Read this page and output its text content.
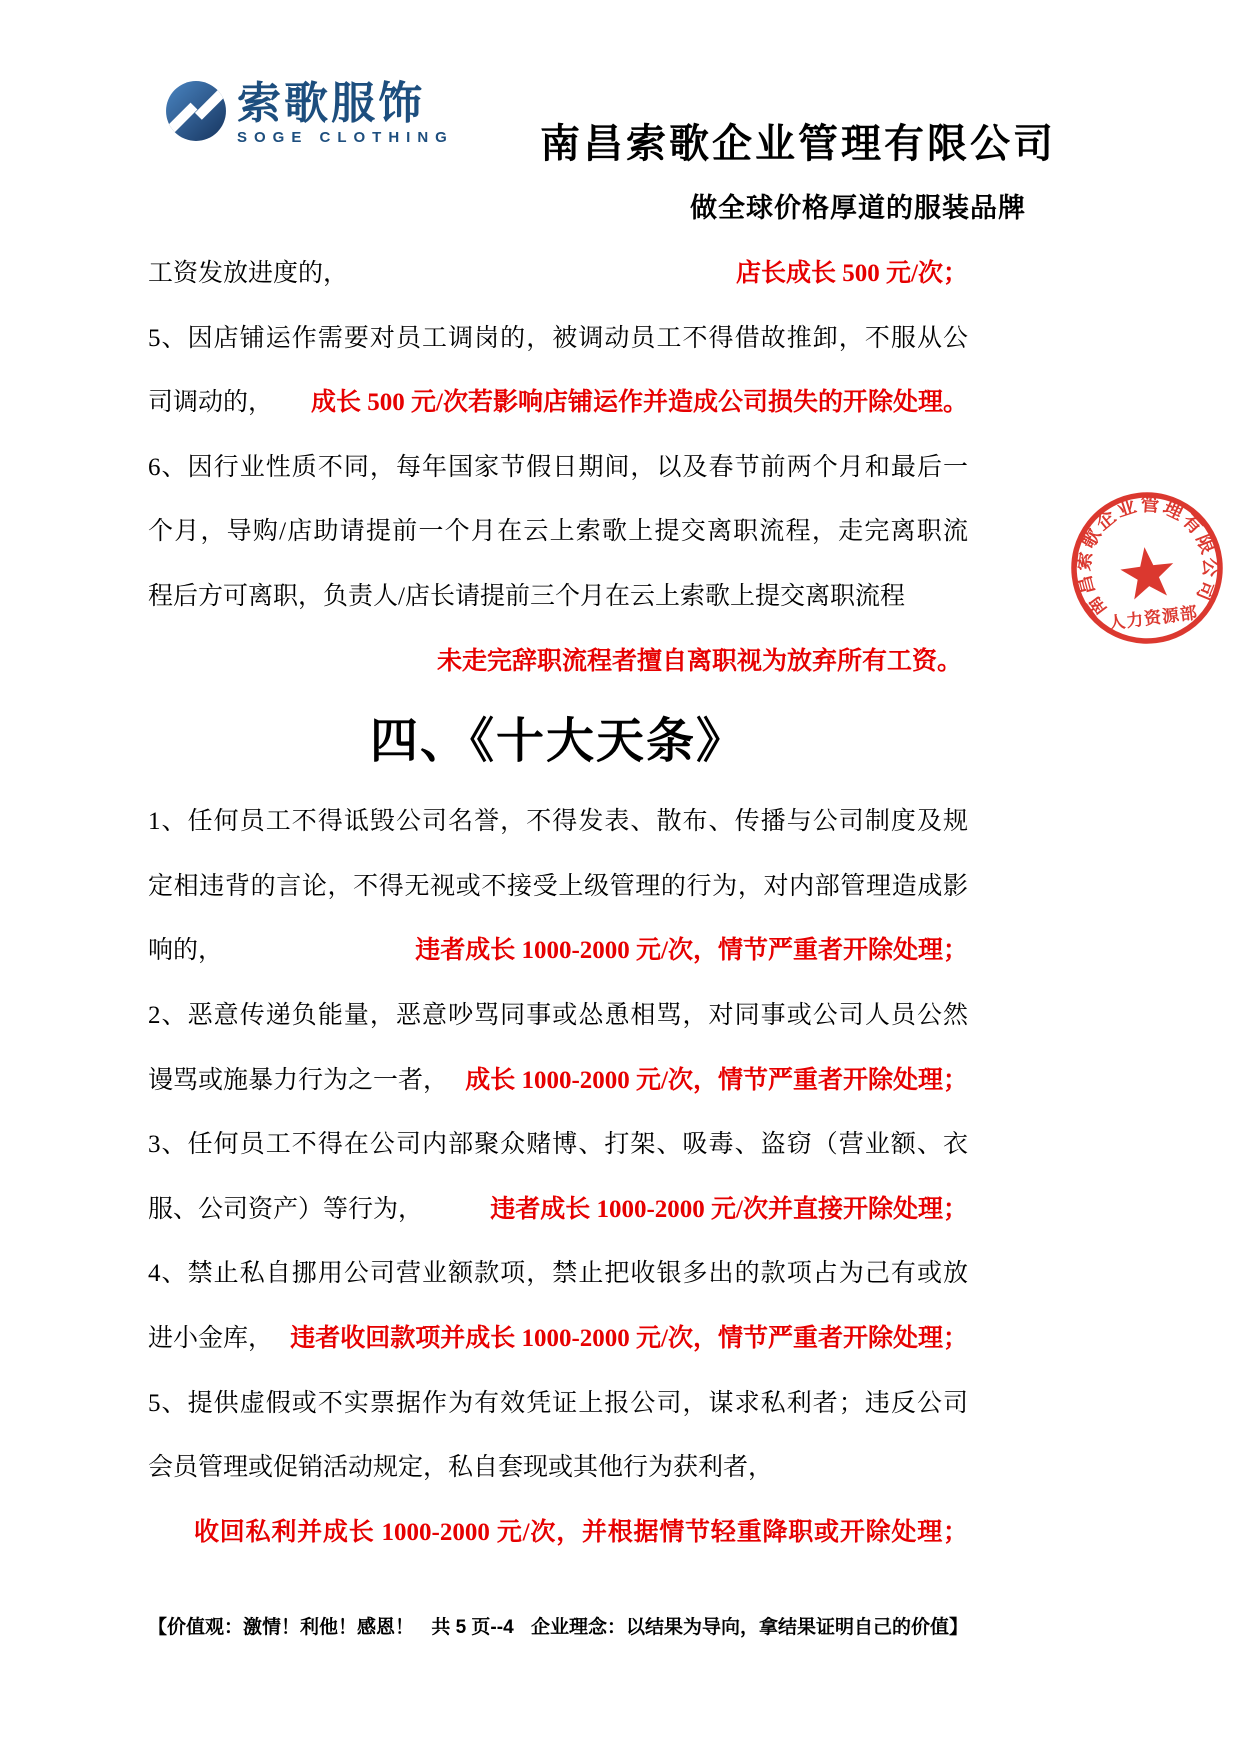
索歌服饰
SOGE CLOTHING 南昌索歌企业管理有限公司
做全球价格厚道的服装品牌
工资发放进度的，	店长成长 500 元/次；
5、因店铺运作需要对员工调岗的，被调动员工不得借故推卸，不服从公
司调动的， 成长 500 元/次若影响店铺运作并造成公司损失的开除处理。
6、因行业性质不同，每年国家节假日期间，以及春节前两个月和最后一
个月，导购/店助请提前一个月在云上索歌上提交离职流程，走完离职流
程后方可离职，负责人/店长请提前三个月在云上索歌上提交离职流程
未走完辞职流程者擅自离职视为放弃所有工资。
四、《十大天条》
1、任何员工不得诋毁公司名誉，不得发表、散布、传播与公司制度及规
定相违背的言论，不得无视或不接受上级管理的行为，对内部管理造成影
响的，	违者成长 1000-2000 元/次，情节严重者开除处理；
2、恶意传递负能量，恶意吵骂同事或怂恿相骂，对同事或公司人员公然
谩骂或施暴力行为之一者， 成长 1000-2000 元/次，情节严重者开除处理；
3、任何员工不得在公司内部聚众赌博、打架、吸毒、盗窃（营业额、衣
服、公司资产）等行为，	违者成长 1000-2000 元/次并直接开除处理；
4、禁止私自挪用公司营业额款项，禁止把收银多出的款项占为己有或放
进小金库， 违者收回款项并成长 1000-2000 元/次，情节严重者开除处理；
5、提供虚假或不实票据作为有效凭证上报公司，谋求私利者；违反公司
会员管理或促销活动规定，私自套现或其他行为获利者，
收回私利并成长 1000-2000 元/次，并根据情节轻重降职或开除处理；
南昌索歌企业管理有限公司
人力资源部
【价值观：激情！利他！感恩！ 共 5 页--4 企业理念：以结果为导向，拿结果证明自己的价值】
